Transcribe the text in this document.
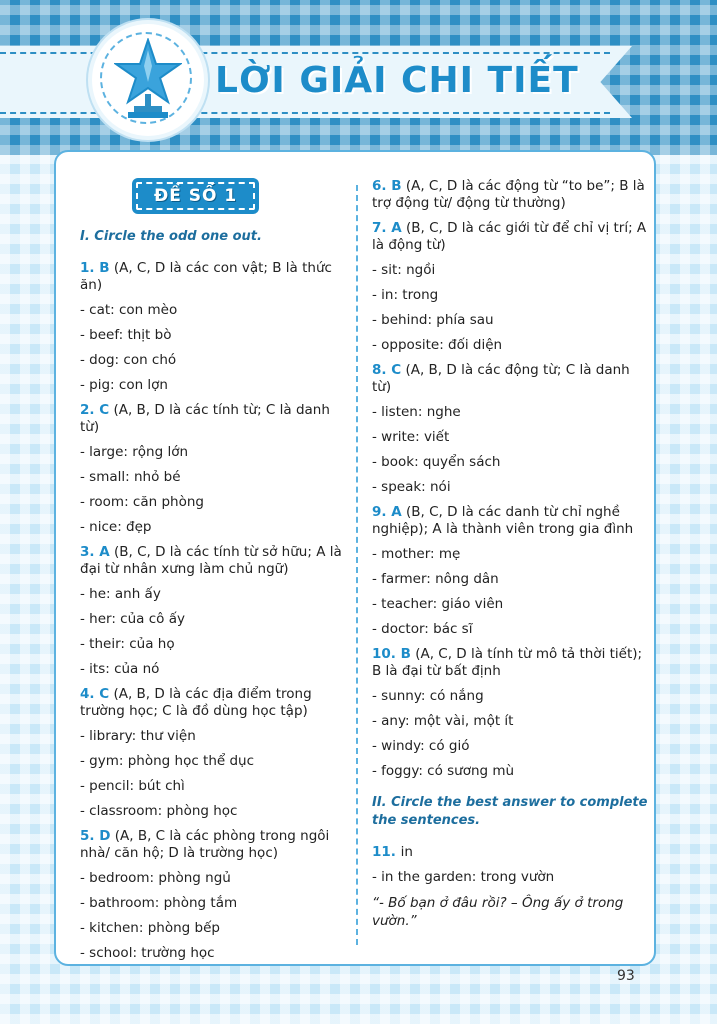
LỜI GIẢI CHI TIẾT
ĐỀ SỐ 1
I. Circle the odd one out.
1. B (A, C, D là các con vật; B là thức ăn)
- cat: con mèo
- beef: thịt bò
- dog: con chó
- pig: con lợn
2. C (A, B, D là các tính từ; C là danh từ)
- large: rộng lớn
- small: nhỏ bé
- room: căn phòng
- nice: đẹp
3. A (B, C, D là các tính từ sở hữu; A là đại từ nhân xưng làm chủ ngữ)
- he: anh ấy
- her: của cô ấy
- their: của họ
- its: của nó
4. C (A, B, D là các địa điểm trong trường học; C là đồ dùng học tập)
- library: thư viện
- gym: phòng học thể dục
- pencil: bút chì
- classroom: phòng học
5. D (A, B, C là các phòng trong ngôi nhà/ căn hộ; D là trường học)
- bedroom: phòng ngủ
- bathroom: phòng tắm
- kitchen: phòng bếp
- school: trường học
6. B (A, C, D là các động từ “to be”; B là trợ động từ/ động từ thường)
7. A (B, C, D là các giới từ để chỉ vị trí; A là động từ)
- sit: ngồi
- in: trong
- behind: phía sau
- opposite: đối diện
8. C (A, B, D là các động từ; C là danh từ)
- listen: nghe
- write: viết
- book: quyển sách
- speak: nói
9. A (B, C, D là các danh từ chỉ nghề nghiệp); A là thành viên trong gia đình
- mother: mẹ
- farmer: nông dân
- teacher: giáo viên
- doctor: bác sĩ
10. B (A, C, D là tính từ mô tả thời tiết); B là đại từ bất định
- sunny: có nắng
- any: một vài, một ít
- windy: có gió
- foggy: có sương mù
II. Circle the best answer to complete the sentences.
11. in
- in the garden: trong vườn
“- Bố bạn ở đâu rồi? – Ông ấy ở trong vườn.”
93
